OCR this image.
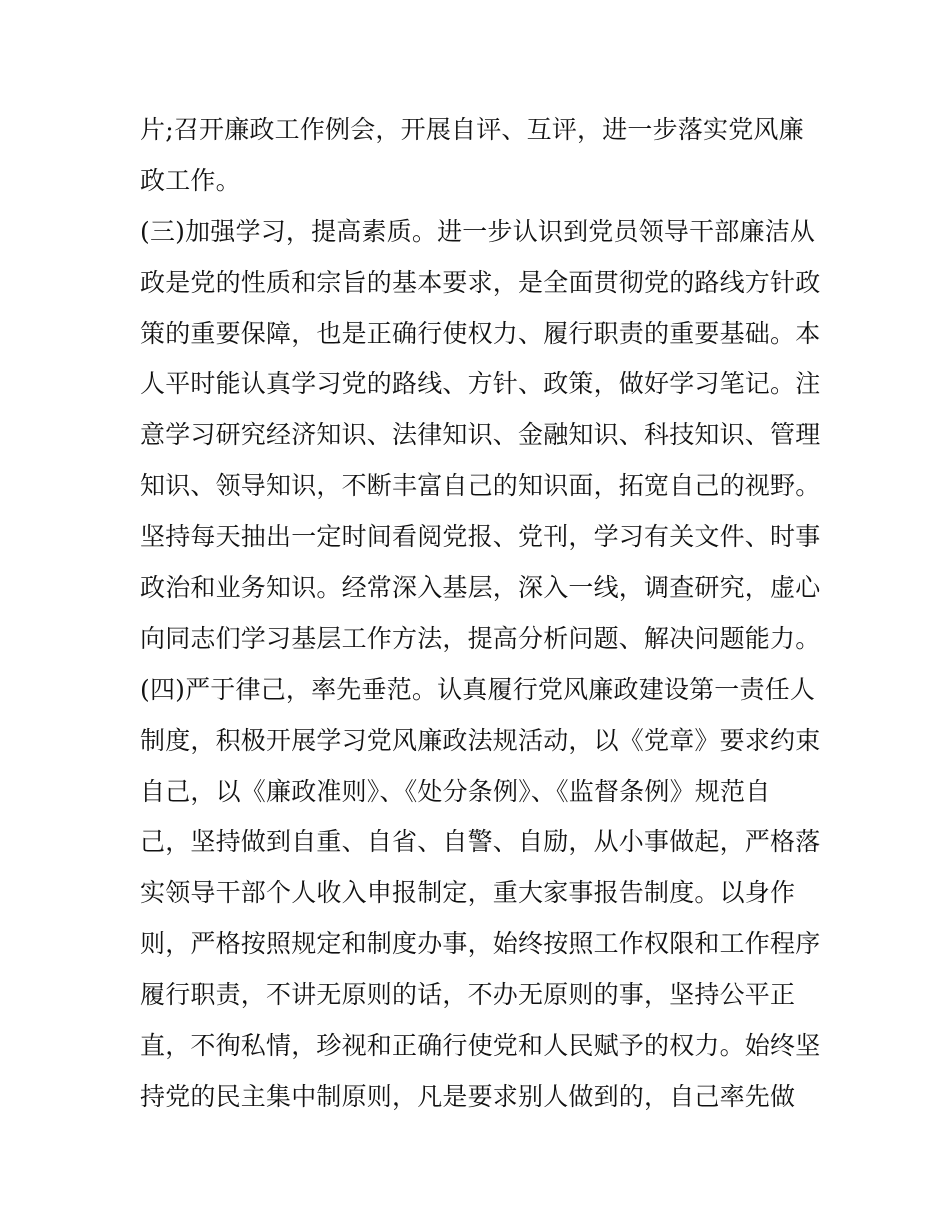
片;召开廉政工作例会，开展自评、互评，进一步落实党风廉
政工作。
(三)加强学习，提高素质。进一步认识到党员领导干部廉洁从
政是党的性质和宗旨的基本要求，是全面贯彻党的路线方针政
策的重要保障，也是正确行使权力、履行职责的重要基础。本
人平时能认真学习党的路线、方针、政策，做好学习笔记。注
意学习研究经济知识、法律知识、金融知识、科技知识、管理
知识、领导知识，不断丰富自己的知识面，拓宽自己的视野。
坚持每天抽出一定时间看阅党报、党刊，学习有关文件、时事
政治和业务知识。经常深入基层，深入一线，调查研究，虚心
向同志们学习基层工作方法，提高分析问题、解决问题能力。
(四)严于律己，率先垂范。认真履行党风廉政建设第一责任人
制度，积极开展学习党风廉政法规活动，以《党章》要求约束
自己，以《廉政准则》、《处分条例》、《监督条例》规范自
己，坚持做到自重、自省、自警、自励，从小事做起，严格落
实领导干部个人收入申报制定，重大家事报告制度。以身作
则，严格按照规定和制度办事，始终按照工作权限和工作程序
履行职责，不讲无原则的话，不办无原则的事，坚持公平正
直，不徇私情，珍视和正确行使党和人民赋予的权力。始终坚
持党的民主集中制原则，凡是要求别人做到的，自己率先做
